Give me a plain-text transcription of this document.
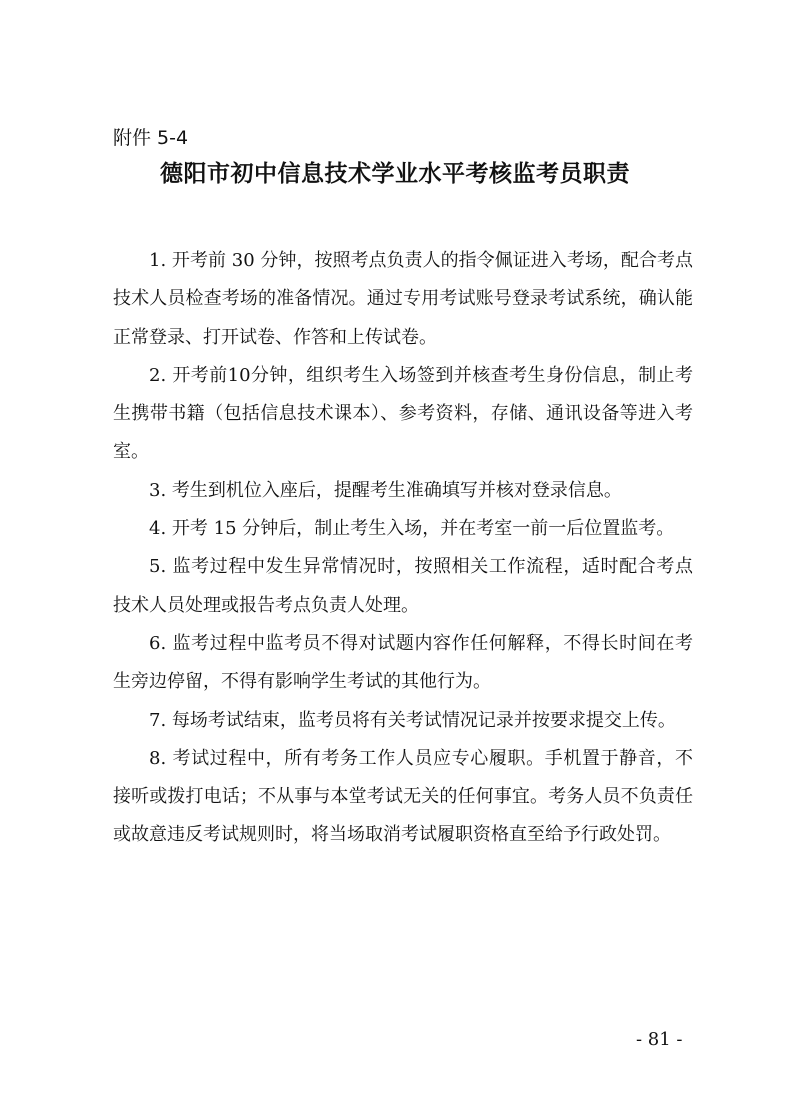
附件 5-4
德阳市初中信息技术学业水平考核监考员职责

1. 开考前 30 分钟，按照考点负责人的指令佩证进入考场，配合考点技术人员检查考场的准备情况。通过专用考试账号登录考试系统，确认能正常登录、打开试卷、作答和上传试卷。

2. 开考前10分钟，组织考生入场签到并核查考生身份信息，制止考生携带书籍（包括信息技术课本）、参考资料，存储、通讯设备等进入考室。

3. 考生到机位入座后，提醒考生准确填写并核对登录信息。

4. 开考 15 分钟后，制止考生入场，并在考室一前一后位置监考。

5. 监考过程中发生异常情况时，按照相关工作流程，适时配合考点技术人员处理或报告考点负责人处理。

6. 监考过程中监考员不得对试题内容作任何解释，不得长时间在考生旁边停留，不得有影响学生考试的其他行为。

7. 每场考试结束，监考员将有关考试情况记录并按要求提交上传。

8. 考试过程中，所有考务工作人员应专心履职。手机置于静音，不接听或拨打电话；不从事与本堂考试无关的任何事宜。考务人员不负责任或故意违反考试规则时，将当场取消考试履职资格直至给予行政处罚。

- 81 -
